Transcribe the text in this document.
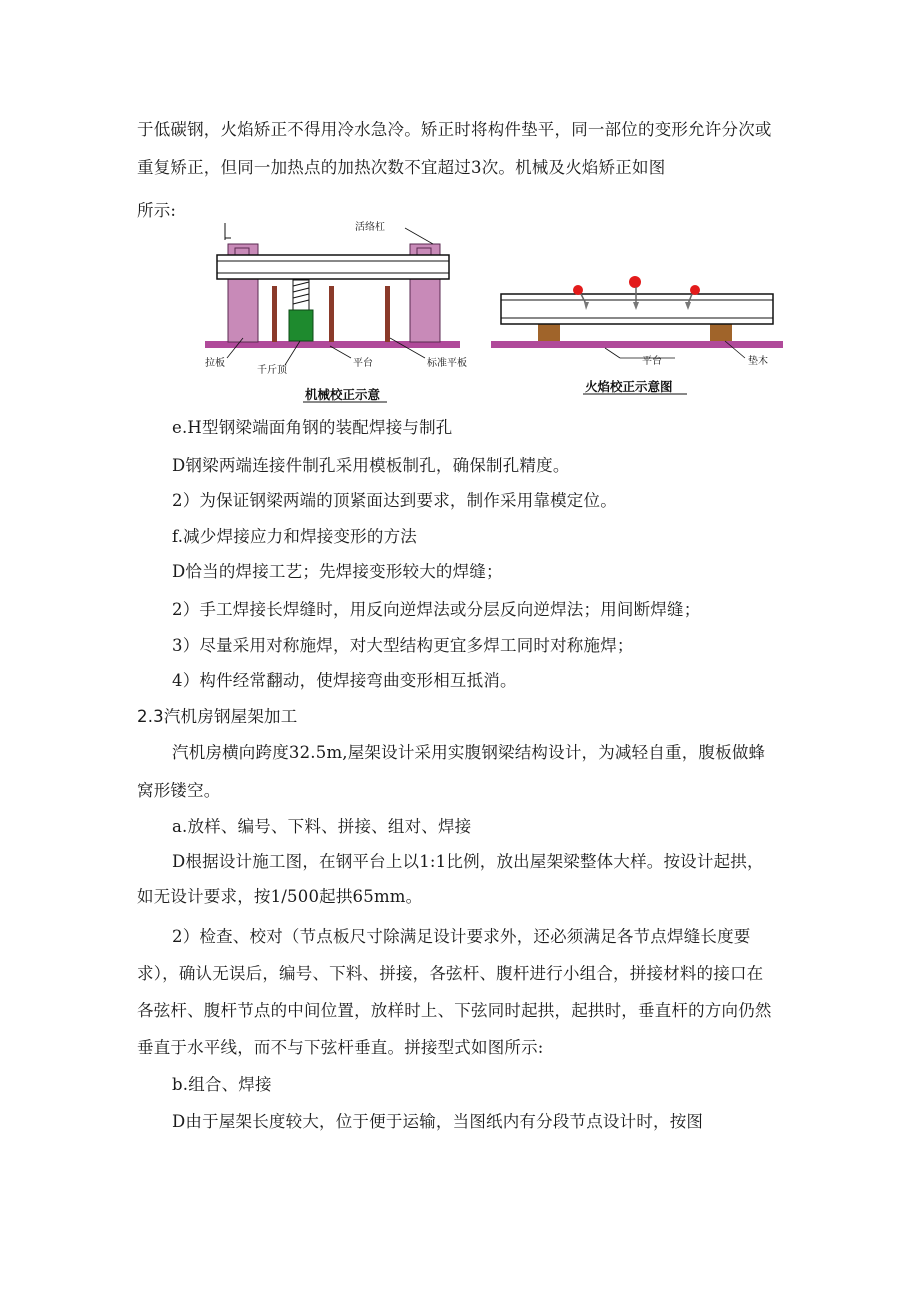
于低碳钢，火焰矫正不得用冷水急冷。矫正时将构件垫平，同一部位的变形允许分次或
重复矫正，但同一加热点的加热次数不宜超过3次。机械及火焰矫正如图
所示:
活络杠
拉板
千斤顶
平台	标准平板
机械校正示意
平台	垫木
火焰校正示意图
e.H型钢梁端面角钢的装配焊接与制孔
D钢梁两端连接件制孔采用模板制孔，确保制孔精度。
2）为保证钢梁两端的顶紧面达到要求，制作采用靠模定位。
f.减少焊接应力和焊接变形的方法
D恰当的焊接工艺；先焊接变形较大的焊缝；
2）手工焊接长焊缝时，用反向逆焊法或分层反向逆焊法；用间断焊缝；
3）尽量采用对称施焊，对大型结构更宜多焊工同时对称施焊；
4）构件经常翻动，使焊接弯曲变形相互抵消。
2.3汽机房钢屋架加工
汽机房横向跨度32.5m,屋架设计采用实腹钢梁结构设计，为减轻自重，腹板做蜂
窝形镂空。
a.放样、编号、下料、拼接、组对、焊接
D根据设计施工图，在钢平台上以1:1比例，放出屋架梁整体大样。按设计起拱，
如无设计要求，按1/500起拱65mm。
2）检查、校对（节点板尺寸除满足设计要求外，还必须满足各节点焊缝长度要
求），确认无误后，编号、下料、拼接，各弦杆、腹杆进行小组合，拼接材料的接口在
各弦杆、腹杆节点的中间位置，放样时上、下弦同时起拱，起拱时，垂直杆的方向仍然
垂直于水平线，而不与下弦杆垂直。拼接型式如图所示:
b.组合、焊接
D由于屋架长度较大，位于便于运输，当图纸内有分段节点设计时，按图
